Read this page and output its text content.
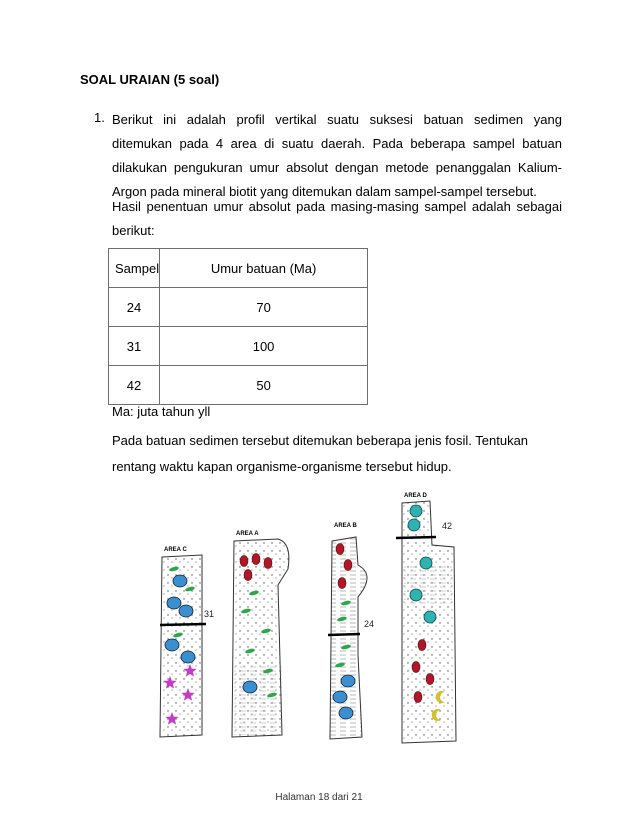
SOAL URAIAN (5 soal)
1. Berikut ini adalah profil vertikal suatu suksesi batuan sedimen yang ditemukan pada 4 area di suatu daerah. Pada beberapa sampel batuan dilakukan pengukuran umur absolut dengan metode penanggalan Kalium-Argon pada mineral biotit yang ditemukan dalam sampel-sampel tersebut.

Hasil penentuan umur absolut pada masing-masing sampel adalah sebagai berikut:

Sampel	Umur batuan (Ma)
24	70
31	100
42	50
Ma: juta tahun yll

Pada batuan sedimen tersebut ditemukan beberapa jenis fosil. Tentukan rentang waktu kapan organisme-organisme tersebut hidup.

AREA C
AREA A
AREA B
AREA D
31
24
42
Halaman 18 dari 21
